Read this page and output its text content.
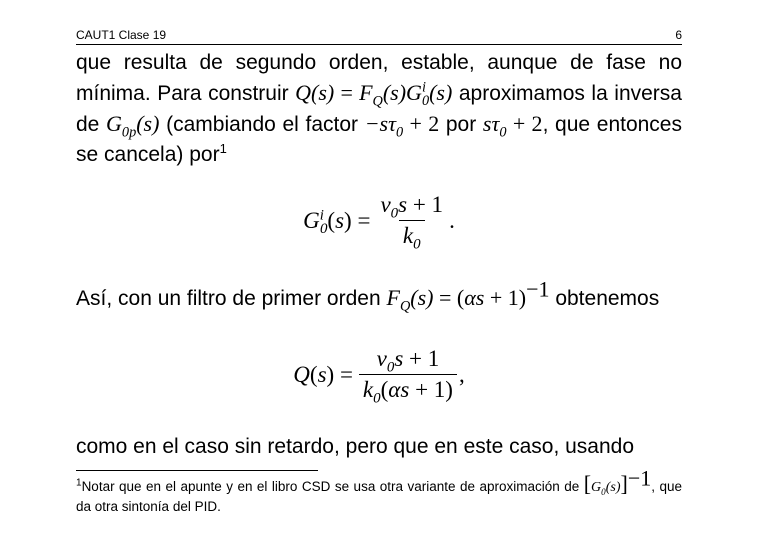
CAUT1 Clase 19	6
que resulta de segundo orden, estable, aunque de fase no mínima. Para construir $Q(s) = F_Q(s)G^i_0(s)$ aproximamos la inversa de $G_{0p}(s)$ (cambiando el factor $-s\tau_0 + 2$ por $s\tau_0 + 2$, que entonces se cancela) por$^1$
$G^i_0(s) = \frac{\nu_0s + 1}{k_0}$ .
Así, con un filtro de primer orden $F_Q(s) = (\alpha s + 1)^{-1}$ obtenemos
$Q(s) = \frac{\nu_0s + 1}{k_0(\alpha s + 1)}$ ,
como en el caso sin retardo, pero que en este caso, usando
$^1$Notar que en el apunte y en el libro CSD se usa otra variante de aproximación de $[G_0(s)]^{-1}$, que da otra sintonía del PID.
